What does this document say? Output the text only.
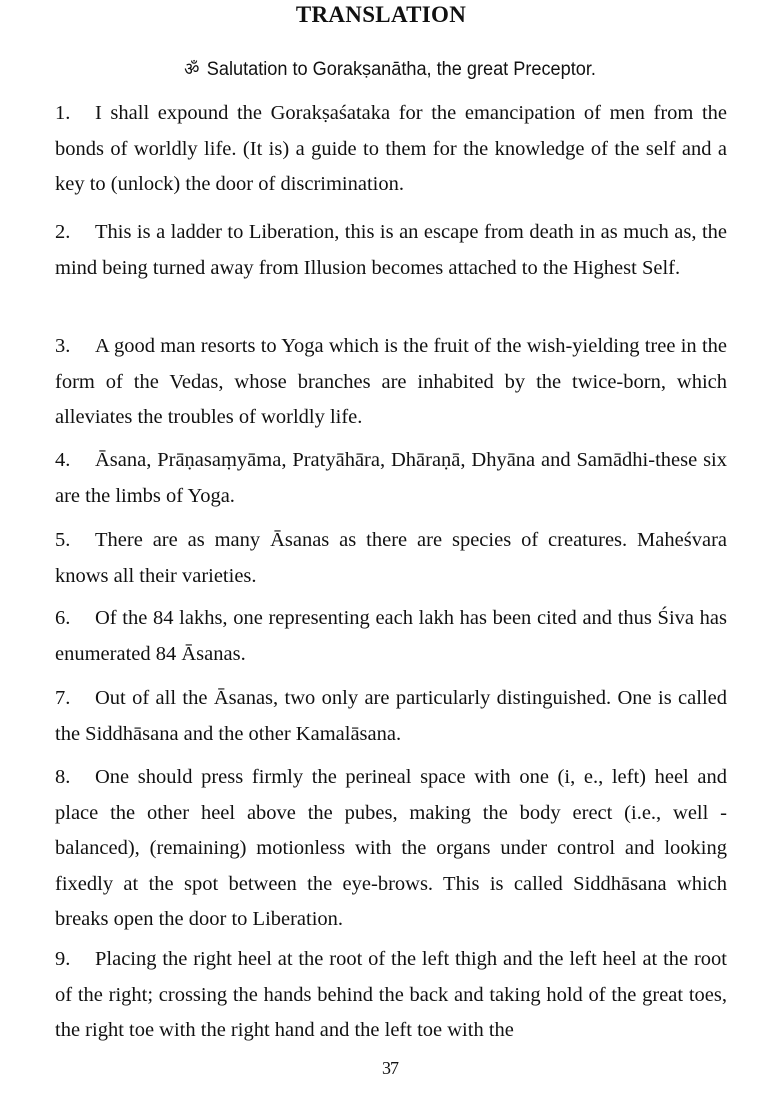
TRANSLATION
ॐ Salutation to Gorakṣanātha, the great Preceptor.

1. I shall expound the Gorakṣaśataka for the emancipation of men from the bonds of worldly life. (It is) a guide to them for the knowledge of the self and a key to (unlock) the door of discrimination.

2. This is a ladder to Liberation, this is an escape from death in as much as, the mind being turned away from Illusion becomes attached to the Highest Self.

3. A good man resorts to Yoga which is the fruit of the wish-yielding tree in the form of the Vedas, whose branches are inhabited by the twice-born, which alleviates the troubles of worldly life.

4. Āsana, Prāṇasaṃyāma, Pratyāhāra, Dhāraṇā, Dhyāna and Samādhi-these six are the limbs of Yoga.

5. There are as many Āsanas as there are species of creatures. Maheśvara knows all their varieties.

6. Of the 84 lakhs, one representing each lakh has been cited and thus Śiva has enumerated 84 Āsanas.

7. Out of all the Āsanas, two only are particularly distinguished. One is called the Siddhāsana and the other Kamalāsana.

8. One should press firmly the perineal space with one (i, e., left) heel and place the other heel above the pubes, making the body erect (i.e., well - balanced), (remaining) motionless with the organs under control and looking fixedly at the spot between the eye-brows. This is called Siddhāsana which breaks open the door to Liberation.

9. Placing the right heel at the root of the left thigh and the left heel at the root of the right; crossing the hands behind the back and taking hold of the great toes, the right toe with the right hand and the left toe with the

37
